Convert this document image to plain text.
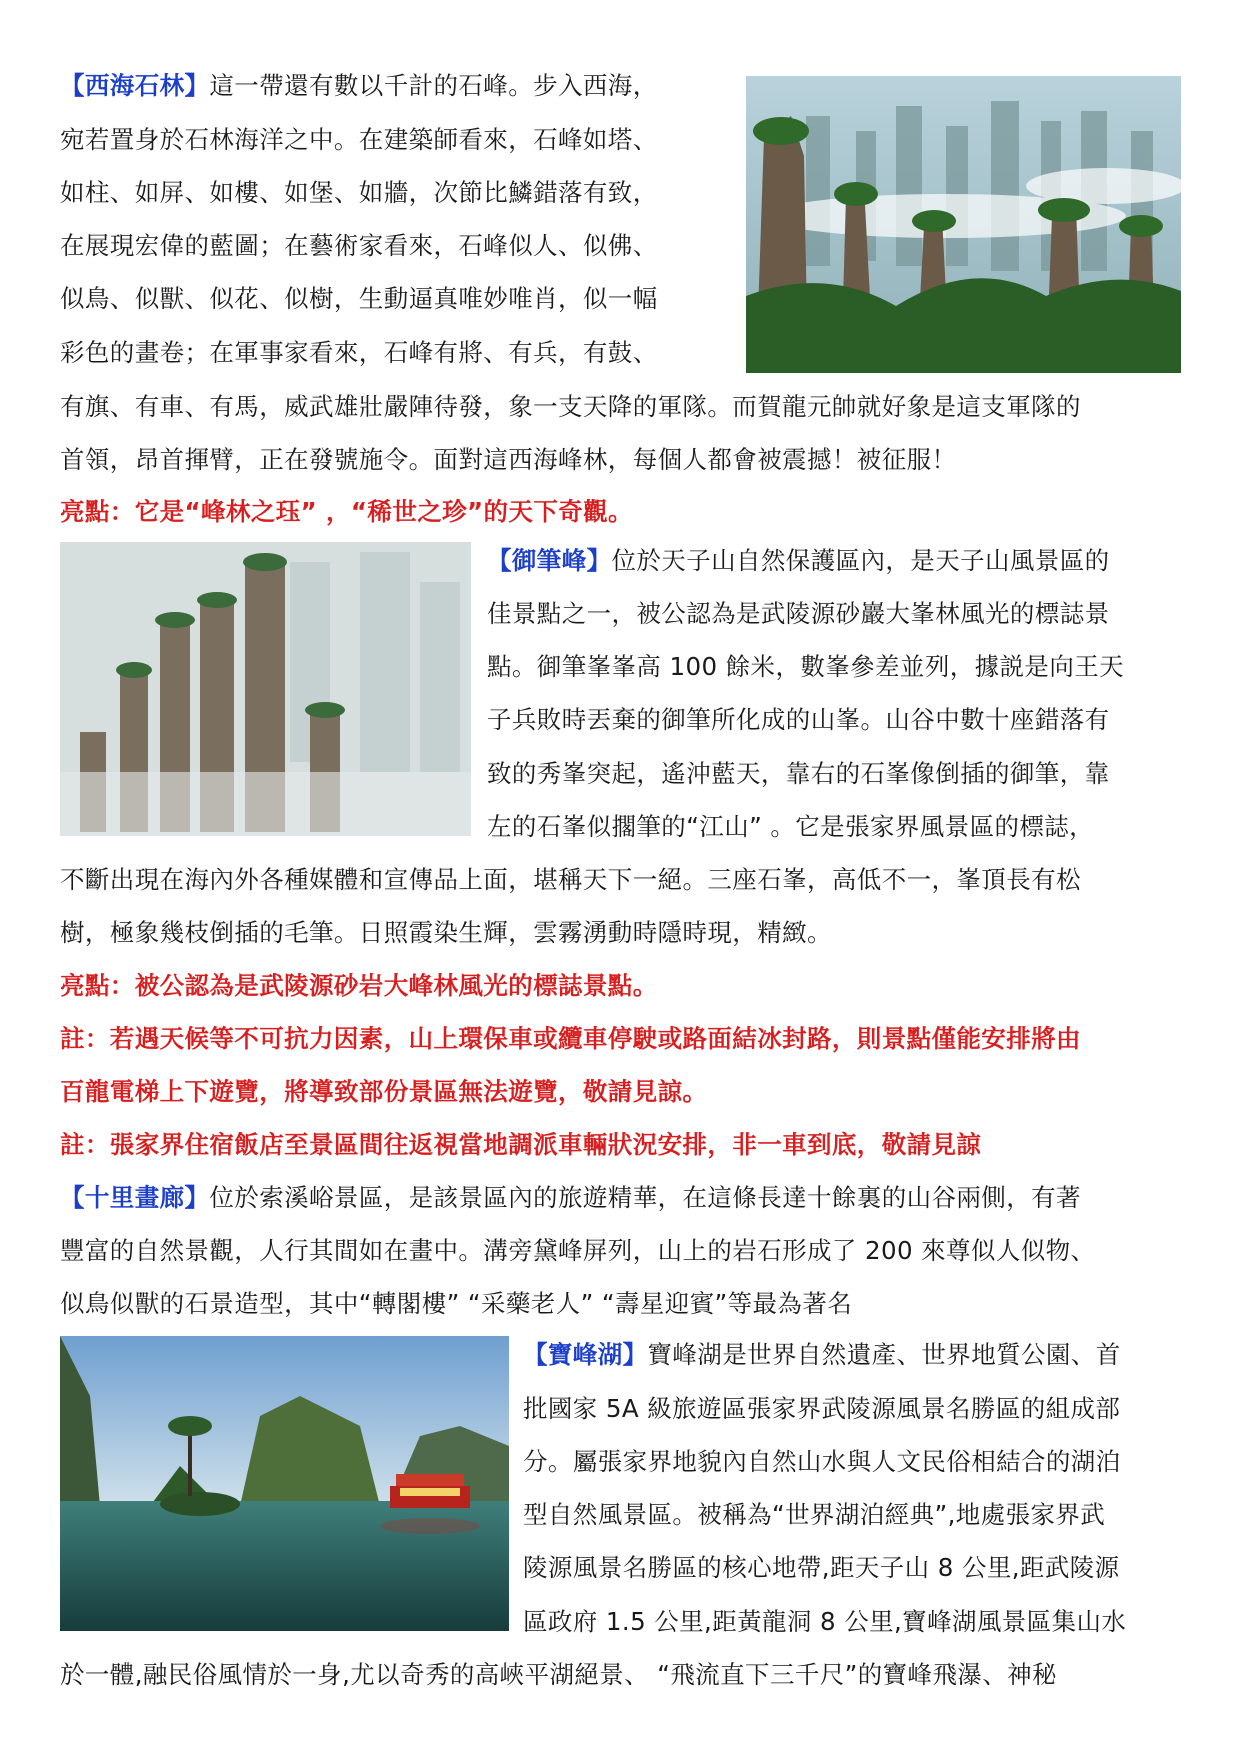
【西海石林】這一帶還有數以千計的石峰。步入西海，
宛若置身於石林海洋之中。在建築師看來，石峰如塔、
如柱、如屏、如樓、如堡、如牆，次節比鱗錯落有致，
在展現宏偉的藍圖；在藝術家看來，石峰似人、似佛、
似鳥、似獸、似花、似樹，生動逼真唯妙唯肖，似一幅
彩色的畫卷；在軍事家看來，石峰有將、有兵，有鼓、
有旗、有車、有馬，威武雄壯嚴陣待發，象一支天降的軍隊。而賀龍元帥就好象是這支軍隊的
首領，昂首揮臂，正在發號施令。面對這西海峰林，每個人都會被震撼！被征服！
亮點：它是“峰林之珏” ，“稀世之珍”的天下奇觀。
【御筆峰】位於天子山自然保護區內，是天子山風景區的
佳景點之一，被公認為是武陵源砂巖大峯林風光的標誌景
點。御筆峯峯高 100 餘米，數峯參差並列，據説是向王天
子兵敗時丟棄的御筆所化成的山峯。山谷中數十座錯落有
致的秀峯突起，遙沖藍天，靠右的石峯像倒插的御筆，靠
左的石峯似擱筆的“江山” 。它是張家界風景區的標誌，
不斷出現在海內外各種媒體和宣傳品上面，堪稱天下一絕。三座石峯，高低不一，峯頂長有松
樹，極象幾枝倒插的毛筆。日照霞染生輝，雲霧湧動時隱時現，精緻。
亮點：被公認為是武陵源砂岩大峰林風光的標誌景點。
註：若遇天候等不可抗力因素，山上環保車或纜車停駛或路面結冰封路，則景點僅能安排將由
百龍電梯上下遊覽，將導致部份景區無法遊覽，敬請見諒。
註：張家界住宿飯店至景區間往返視當地調派車輛狀況安排，非一車到底，敬請見諒
【十里畫廊】位於索溪峪景區，是該景區內的旅遊精華，在這條長達十餘裏的山谷兩側，有著
豐富的自然景觀，人行其間如在畫中。溝旁黛峰屏列，山上的岩石形成了 200 來尊似人似物、
似鳥似獸的石景造型，其中“轉閣樓” “采藥老人” “壽星迎賓”等最為著名
【寶峰湖】寶峰湖是世界自然遺產、世界地質公園、首
批國家 5A 級旅遊區張家界武陵源風景名勝區的組成部
分。屬張家界地貌內自然山水與人文民俗相結合的湖泊
型自然風景區。被稱為“世界湖泊經典”,地處張家界武
陵源風景名勝區的核心地帶,距天子山 8 公里,距武陵源
區政府 1.5 公里,距黃龍洞 8 公里,寶峰湖風景區集山水
於一體,融民俗風情於一身,尤以奇秀的高峽平湖絕景、 “飛流直下三千尺”的寶峰飛瀑、神秘
